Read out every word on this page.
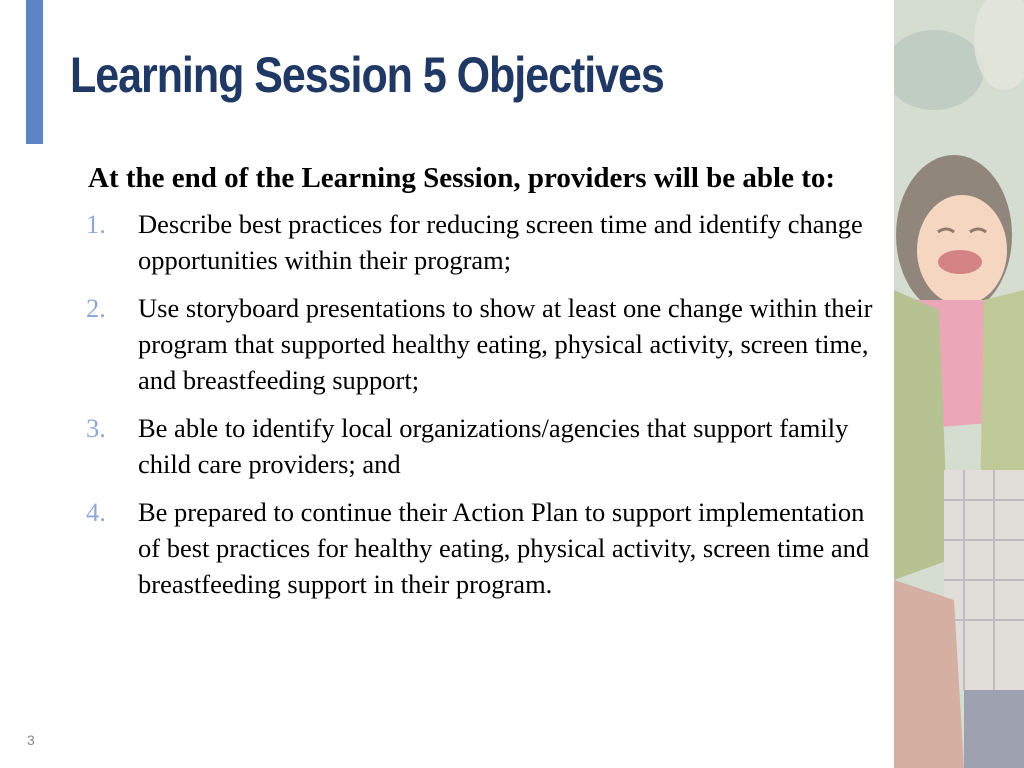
Learning Session 5 Objectives

At the end of the Learning Session, providers will be able to:

1. Describe best practices for reducing screen time and identify change opportunities within their program;
2. Use storyboard presentations to show at least one change within their program that supported healthy eating, physical activity, screen time, and breastfeeding support;
3. Be able to identify local organizations/agencies that support family child care providers; and
4. Be prepared to continue their Action Plan to support implementation of best practices for healthy eating, physical activity, screen time and breastfeeding support in their program.
3
